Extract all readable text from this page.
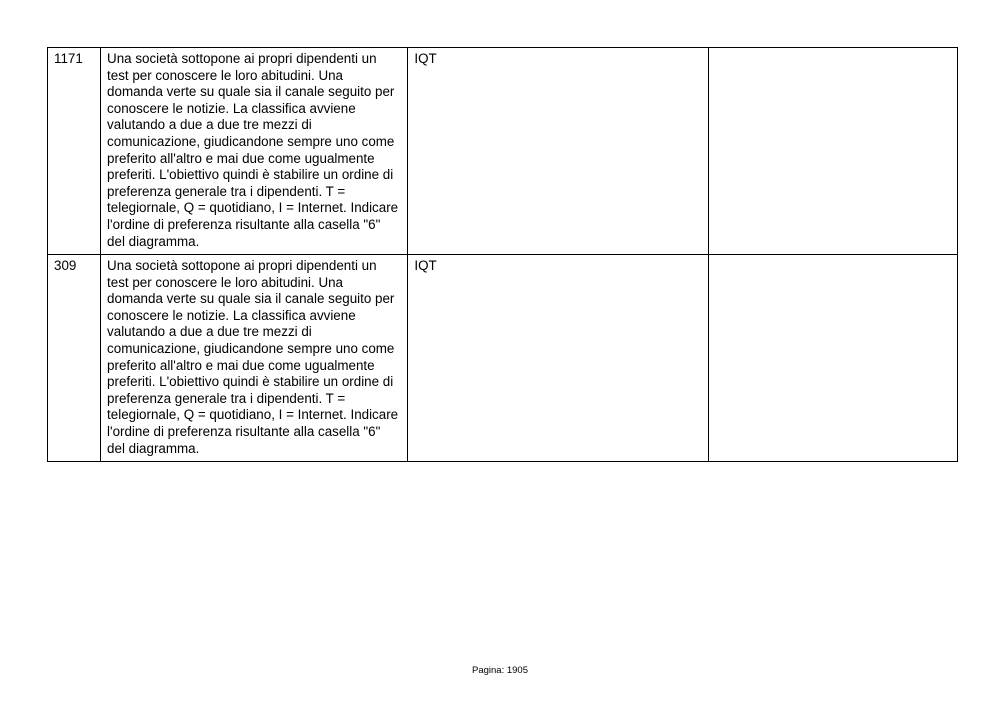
1171	Una società sottopone ai propri dipendenti un test per conoscere le loro abitudini. Una domanda verte su quale sia il canale seguito per conoscere le notizie. La classifica avviene valutando a due a due tre mezzi di comunicazione, giudicandone sempre uno come preferito all'altro e mai due come ugualmente preferiti. L'obiettivo quindi è stabilire un ordine di preferenza generale tra i dipendenti. T = telegiornale, Q = quotidiano, I = Internet. Indicare l'ordine di preferenza risultante alla casella "6" del diagramma.	IQT	
309	Una società sottopone ai propri dipendenti un test per conoscere le loro abitudini. Una domanda verte su quale sia il canale seguito per conoscere le notizie. La classifica avviene valutando a due a due tre mezzi di comunicazione, giudicandone sempre uno come preferito all'altro e mai due come ugualmente preferiti. L'obiettivo quindi è stabilire un ordine di preferenza generale tra i dipendenti. T = telegiornale, Q = quotidiano, I = Internet. Indicare l'ordine di preferenza risultante alla casella "6" del diagramma.	IQT	
Pagina: 1905
